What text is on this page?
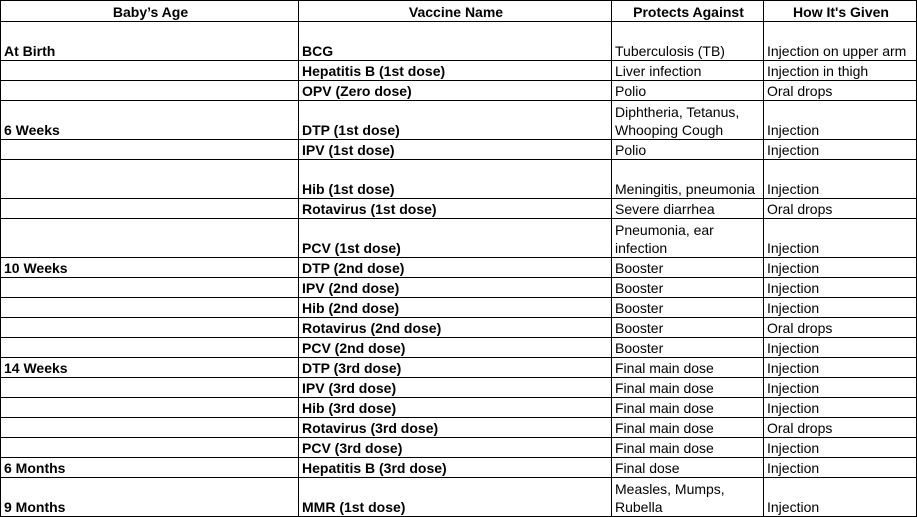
Baby’s Age	Vaccine Name	Protects Against	How It's Given
At Birth	BCG	Tuberculosis (TB)	Injection on upper arm
	Hepatitis B (1st dose)	Liver infection	Injection in thigh
	OPV (Zero dose)	Polio	Oral drops
6 Weeks	DTP (1st dose)	Diphtheria, Tetanus, Whooping Cough	Injection
	IPV (1st dose)	Polio	Injection
	Hib (1st dose)	Meningitis, pneumonia	Injection
	Rotavirus (1st dose)	Severe diarrhea	Oral drops
	PCV (1st dose)	Pneumonia, ear infection	Injection
10 Weeks	DTP (2nd dose)	Booster	Injection
	IPV (2nd dose)	Booster	Injection
	Hib (2nd dose)	Booster	Injection
	Rotavirus (2nd dose)	Booster	Oral drops
	PCV (2nd dose)	Booster	Injection
14 Weeks	DTP (3rd dose)	Final main dose	Injection
	IPV (3rd dose)	Final main dose	Injection
	Hib (3rd dose)	Final main dose	Injection
	Rotavirus (3rd dose)	Final main dose	Oral drops
	PCV (3rd dose)	Final main dose	Injection
6 Months	Hepatitis B (3rd dose)	Final dose	Injection
9 Months	MMR (1st dose)	Measles, Mumps, Rubella	Injection
